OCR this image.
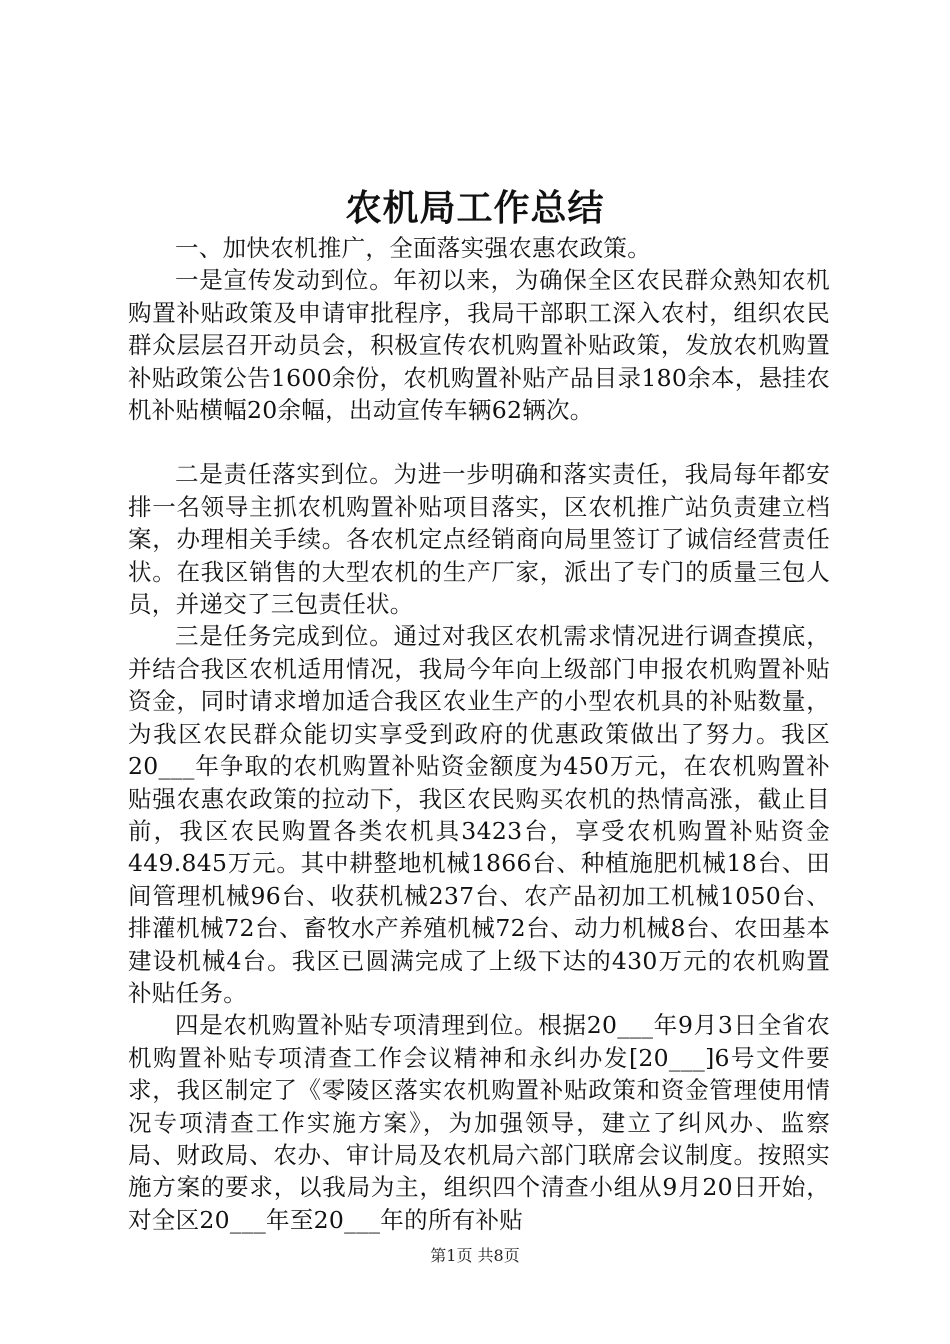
农机局工作总结

一、加快农机推广，全面落实强农惠农政策。

一是宣传发动到位。年初以来，为确保全区农民群众熟知农机购置补贴政策及申请审批程序，我局干部职工深入农村，组织农民群众层层召开动员会，积极宣传农机购置补贴政策，发放农机购置补贴政策公告1600余份，农机购置补贴产品目录180余本，悬挂农机补贴横幅20余幅，出动宣传车辆62辆次。

二是责任落实到位。为进一步明确和落实责任，我局每年都安排一名领导主抓农机购置补贴项目落实，区农机推广站负责建立档案，办理相关手续。各农机定点经销商向局里签订了诚信经营责任状。在我区销售的大型农机的生产厂家，派出了专门的质量三包人员，并递交了三包责任状。

三是任务完成到位。通过对我区农机需求情况进行调查摸底，并结合我区农机适用情况，我局今年向上级部门申报农机购置补贴资金，同时请求增加适合我区农业生产的小型农机具的补贴数量，为我区农民群众能切实享受到政府的优惠政策做出了努力。我区20___年争取的农机购置补贴资金额度为450万元，在农机购置补贴强农惠农政策的拉动下，我区农民购买农机的热情高涨，截止目前，我区农民购置各类农机具3423台，享受农机购置补贴资金449.845万元。其中耕整地机械1866台、种植施肥机械18台、田间管理机械96台、收获机械237台、农产品初加工机械1050台、排灌机械72台、畜牧水产养殖机械72台、动力机械8台、农田基本建设机械4台。我区已圆满完成了上级下达的430万元的农机购置补贴任务。

四是农机购置补贴专项清理到位。根据20___年9月3日全省农机购置补贴专项清查工作会议精神和永纠办发[20___]6号文件要求，我区制定了《零陵区落实农机购置补贴政策和资金管理使用情况专项清查工作实施方案》，为加强领导，建立了纠风办、监察局、财政局、农办、审计局及农机局六部门联席会议制度。按照实施方案的要求，以我局为主，组织四个清查小组从9月20日开始，对全区20___年至20___年的所有补贴

第1页 共8页
